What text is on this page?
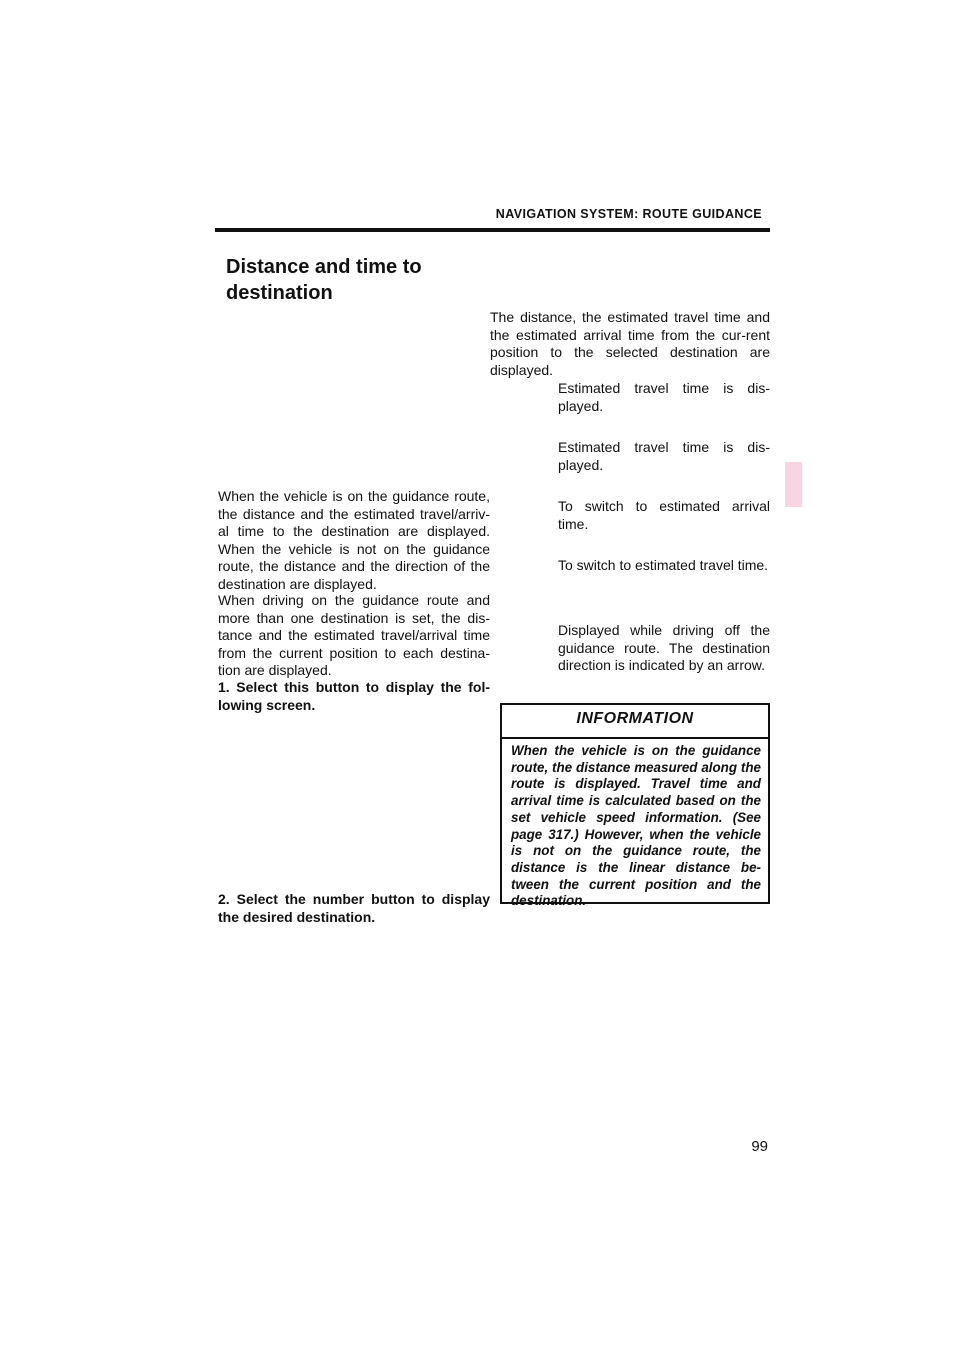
NAVIGATION SYSTEM: ROUTE GUIDANCE
Distance and time to destination

When the vehicle is on the guidance route, the distance and the estimated travel/arriv-al time to the destination are displayed. When the vehicle is not on the guidance route, the distance and the direction of the destination are displayed.

When driving on the guidance route and more than one destination is set, the dis-tance and the estimated travel/arrival time from the current position to each destina-tion are displayed.

1. Select this button to display the fol-lowing screen.

2. Select the number button to display the desired destination.

The distance, the estimated travel time and the estimated arrival time from the cur-rent position to the selected destination are displayed.

Estimated travel time is dis-played.

Estimated travel time is dis-played.

To switch to estimated arrival time.

To switch to estimated travel time.

Displayed while driving off the guidance route. The destination direction is indicated by an arrow.

INFORMATION

When the vehicle is on the guidance route, the distance measured along the route is displayed. Travel time and arrival time is calculated based on the set vehicle speed information. (See page 317.) However, when the vehicle is not on the guidance route, the distance is the linear distance be-tween the current position and the destination.

99
